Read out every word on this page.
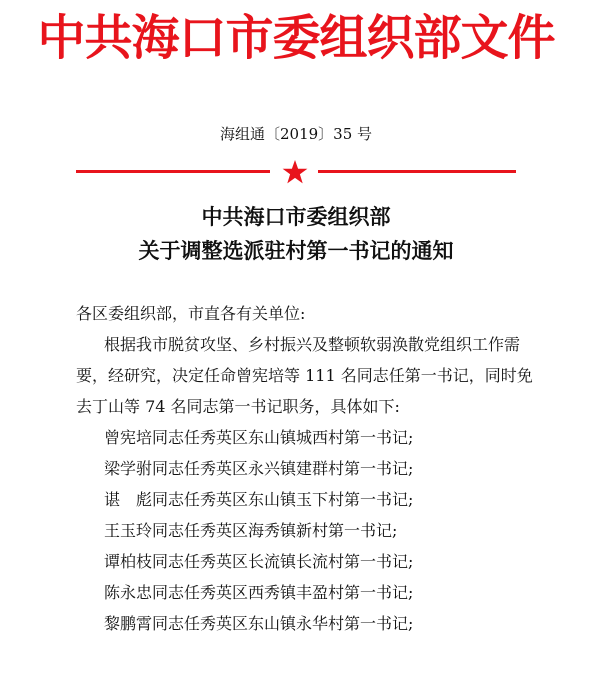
中共海口市委组织部文件
海组通〔2019〕35 号
中共海口市委组织部
关于调整选派驻村第一书记的通知
各区委组织部，市直各有关单位:
根据我市脱贫攻坚、乡村振兴及整顿软弱涣散党组织工作需
要，经研究，决定任命曾宪培等 111 名同志任第一书记，同时免
去丁山等 74 名同志第一书记职务，具体如下:
曾宪培同志任秀英区东山镇城西村第一书记;
梁学驸同志任秀英区永兴镇建群村第一书记;
谌　彪同志任秀英区东山镇玉下村第一书记;
王玉玲同志任秀英区海秀镇新村第一书记;
谭柏枝同志任秀英区长流镇长流村第一书记;
陈永忠同志任秀英区西秀镇丰盈村第一书记;
黎鹏霄同志任秀英区东山镇永华村第一书记;
